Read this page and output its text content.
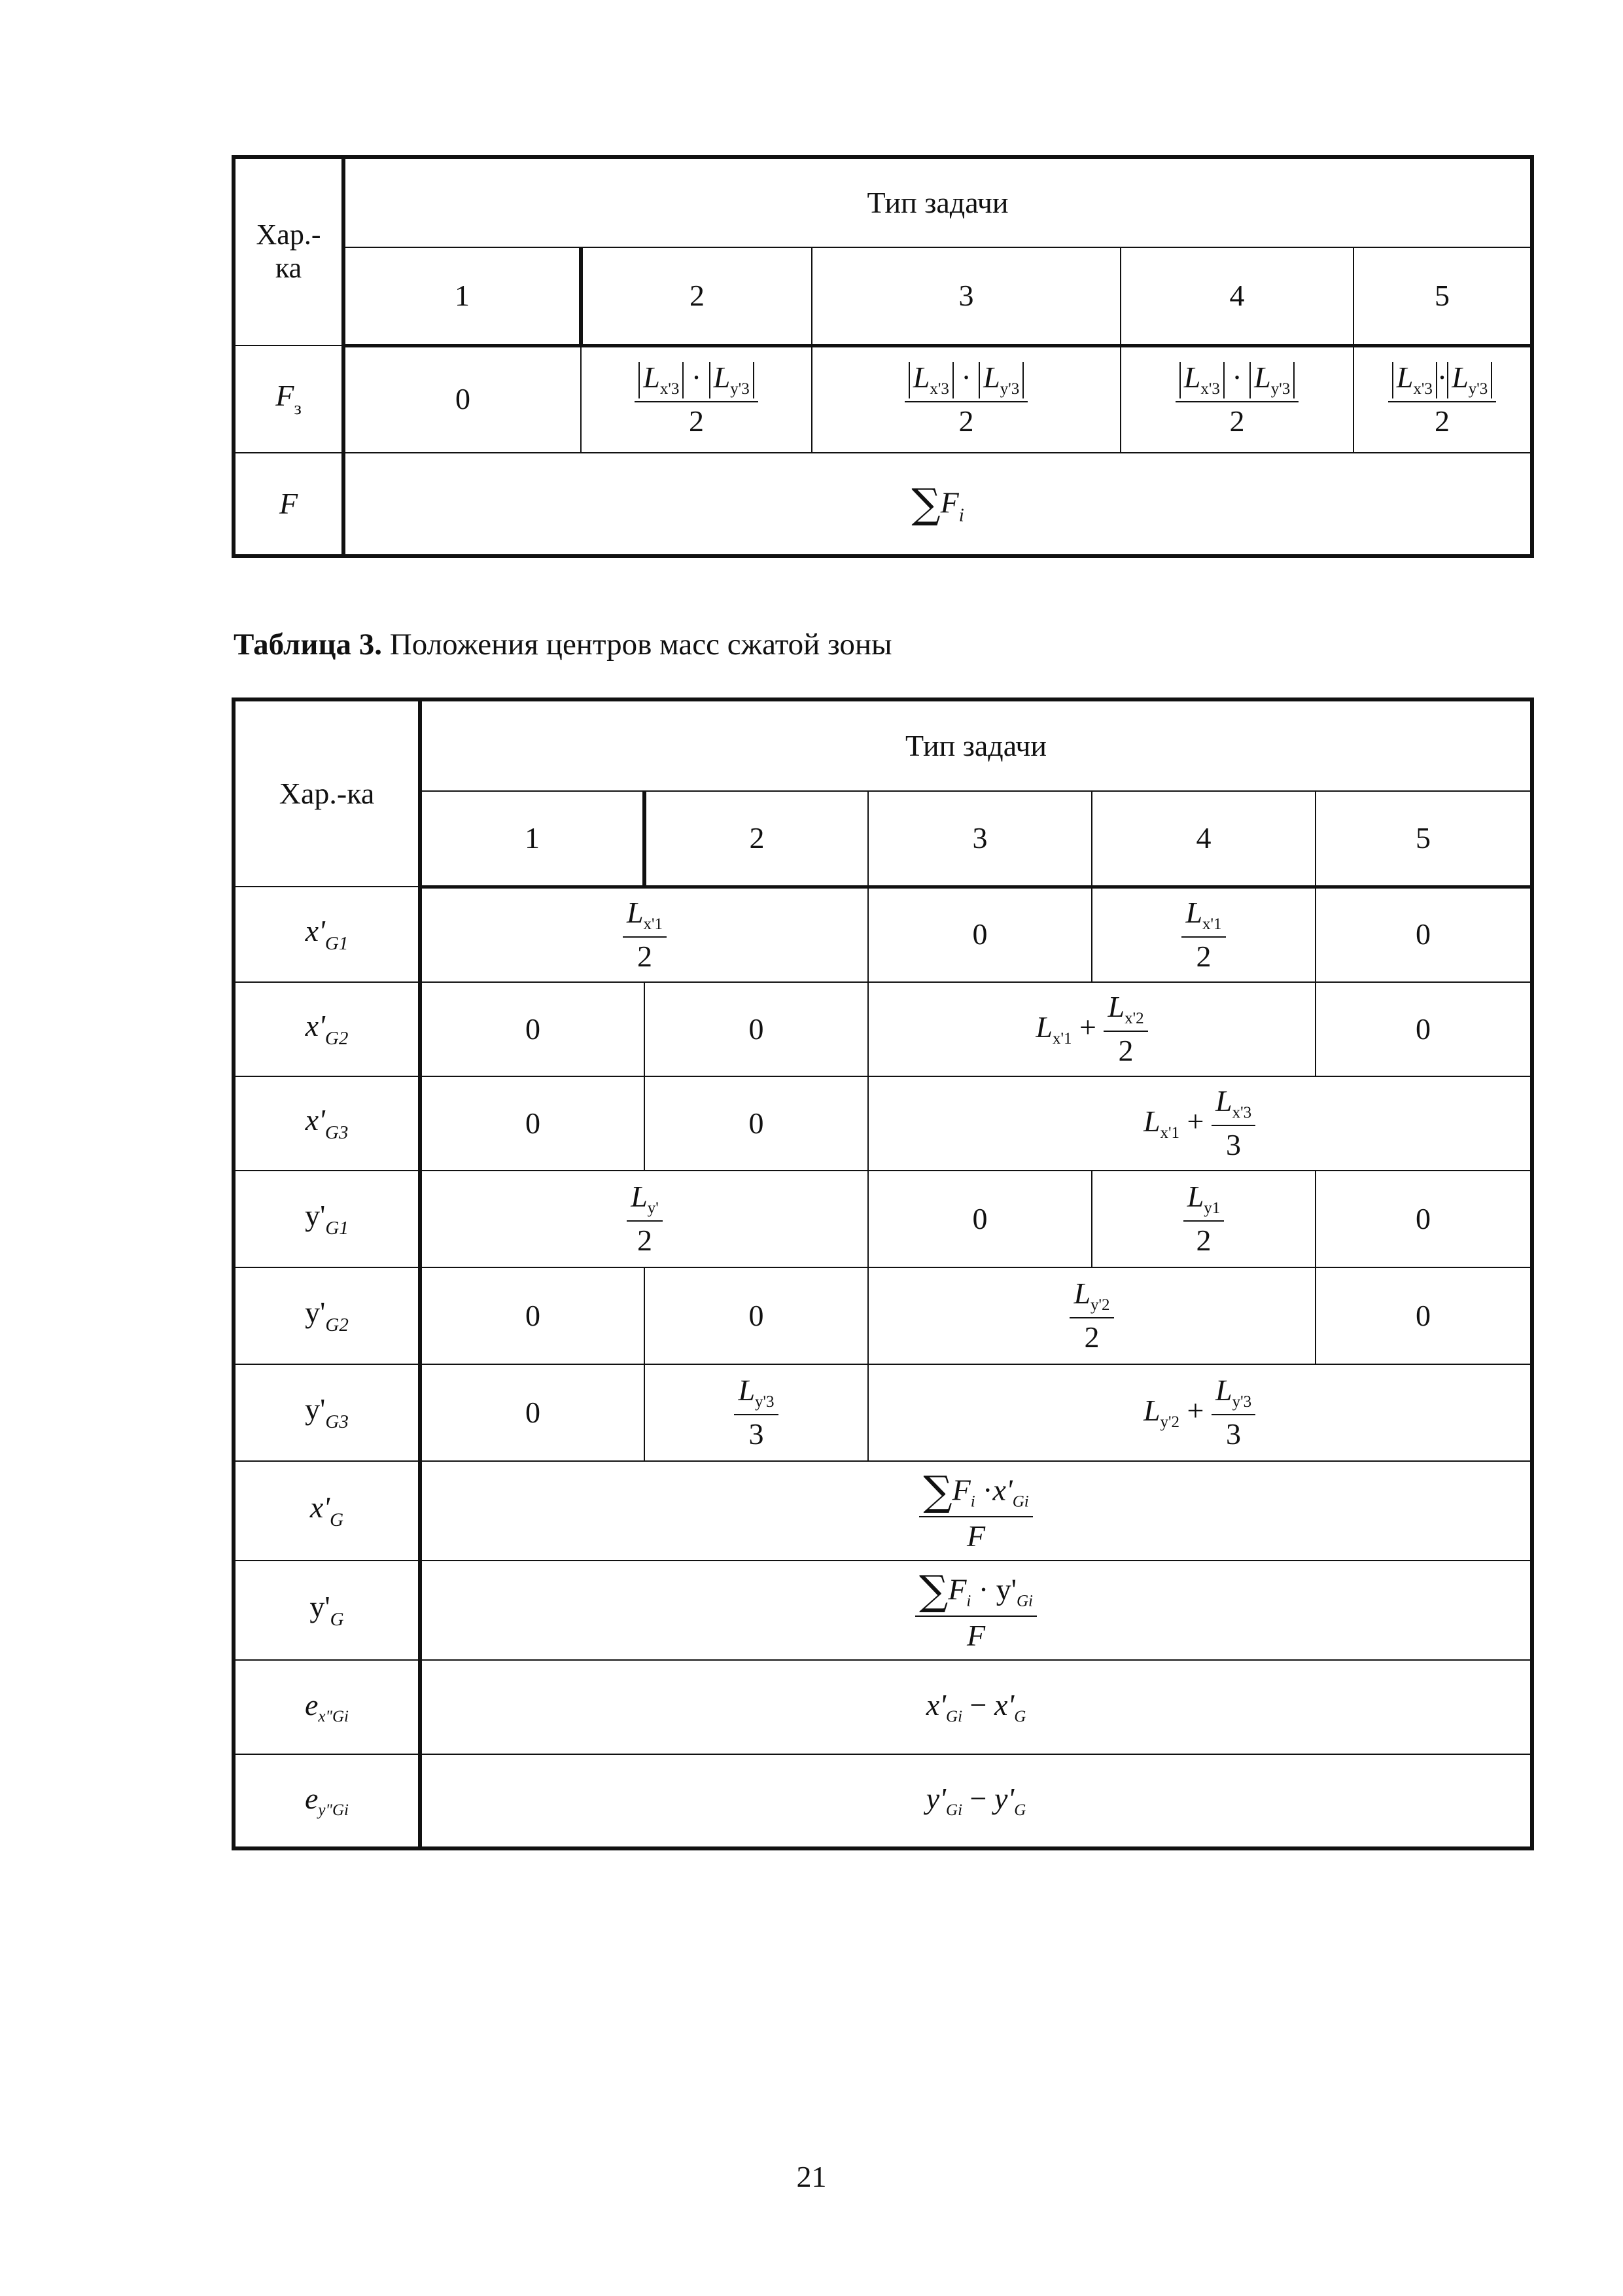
Хар.-ка	Тип задачи				
	1	2	3	4	5
$F_з$	0	$\frac{L_{x'3} \cdot L_{y'3}}{2}$	$\frac{L_{x'3} \cdot L_{y'3}}{2}$	$\frac{L_{x'3} \cdot L_{y'3}}{2}$	$\frac{L_{x'3} \cdot L_{y'3}}{2}$

F	$\sum F_i$
Таблица 3. Положения центров масс сжатой зоны
Хар.-ка	Тип задачи				
	1	2	3	4	5
$x'_{G1}$	$\frac{L_{x'1}}{2}$		0	$\frac{L_{x'1}}{2}$	0
$x'_{G2}$	0	0	$L_{x'1} + \frac{L_{x'2}}{2}$		0
$x'_{G3}$	0	0	$L_{x'1} + \frac{L_{x'3}}{3}$

$y'_{G1}$	$\frac{L_{y'}}{2}$		0	$\frac{L_{y1}}{2}$	0
$y'_{G2}$	0	0	$\frac{L_{y'2}}{2}$		0
$y'_{G3}$	0	$\frac{L_{y'3}}{3}$	$L_{y'2} + \frac{L_{y'3}}{3}$

$x'_G$	$\frac{\sum F_i \cdot x'_{Gi}}{F}$

$y'_G$	$\frac{\sum F_i \cdot y'_{Gi}}{F}$

$e_{x"Gi}$	$x'_{Gi} - x'_G$
$e_{y"Gi}$	$y'_{Gi} - y'_G$
21
